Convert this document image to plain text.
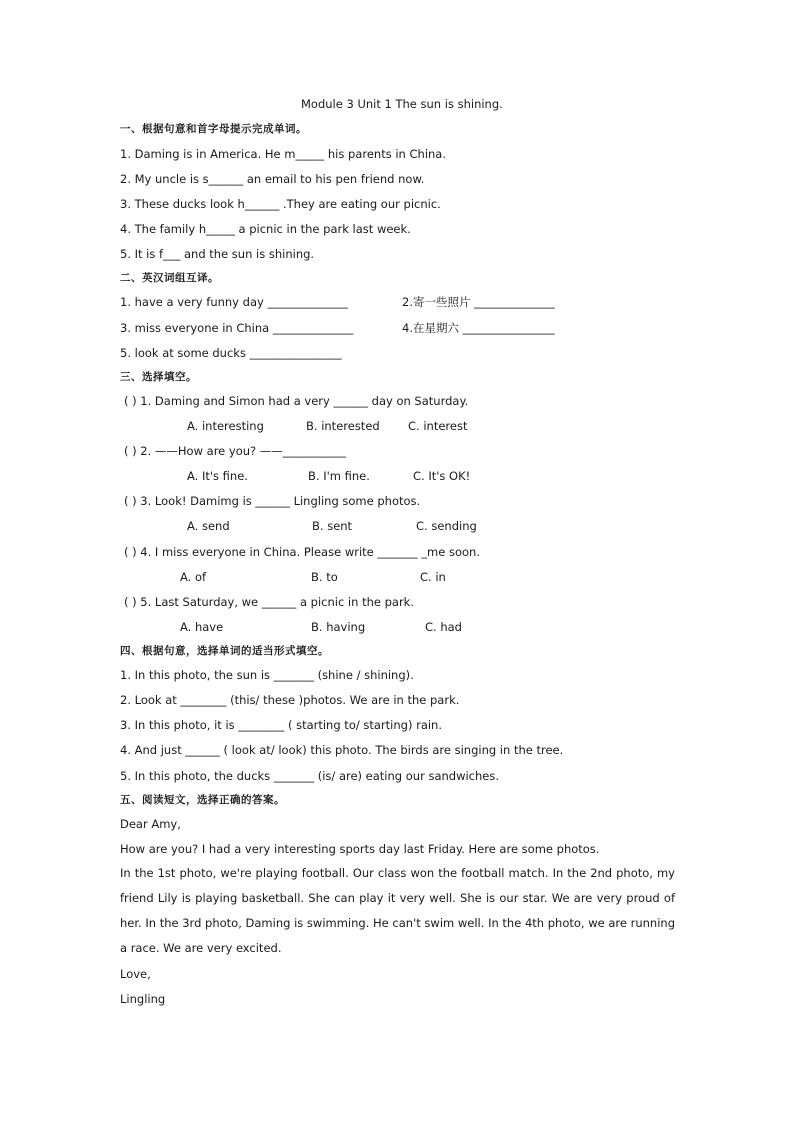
Module 3 Unit 1 The sun is shining.
一、根据句意和首字母提示完成单词。
1. Daming is in America. He m_____ his parents in China.
2. My uncle is s______ an email to his pen friend now.
3. These ducks look h______ .They are eating our picnic.
4. The family h_____ a picnic in the park last week.
5. It is f___ and the sun is shining.
二、英汉词组互译。
1. have a very funny day ______________	2.寄一些照片 ______________
3. miss everyone in China ______________	4.在星期六 ________________
5. look at some ducks ________________
三、选择填空。
( ) 1. Daming and Simon had a very ______ day on Saturday.
A. interesting	B. interested C. interest
( ) 2. ——How are you? ——___________
A. It's fine.	B. I'm fine.	C. It's OK!
( ) 3. Look! Damimg is ______ Lingling some photos.
A. send	B. sent	C. sending
( ) 4. I miss everyone in China. Please write _______ _me soon.
A. of	B. to	C. in
( ) 5. Last Saturday, we ______ a picnic in the park.
A. have	B. having	C. had
四、根据句意，选择单词的适当形式填空。
1. In this photo, the sun is _______ (shine / shining).
2. Look at ________ (this/ these )photos. We are in the park.
3. In this photo, it is ________ ( starting to/ starting) rain.
4. And just ______ ( look at/ look) this photo. The birds are singing in the tree.
5. In this photo, the ducks _______ (is/ are) eating our sandwiches.
五、阅读短文，选择正确的答案。
Dear Amy,
How are you? I had a very interesting sports day last Friday. Here are some photos.
In the 1st photo, we're playing football. Our class won the football match. In the 2nd photo, my friend Lily is playing basketball. She can play it very well. She is our star. We are very proud of her. In the 3rd photo, Daming is swimming. He can't swim well. In the 4th photo, we are running a race. We are very excited.
Love,
Lingling
